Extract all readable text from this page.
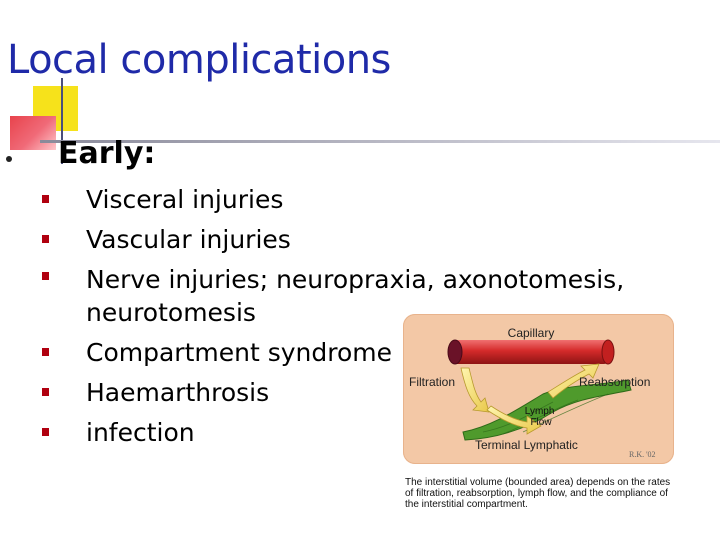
Local complications
Early:
Visceral injuries
Vascular injuries
Nerve injuries; neuropraxia, axonotomesis, neurotomesis
Compartment syndrome
Haemarthrosis
infection
Capillary
Filtration	Reabsorption
Lymph Flow
Terminal Lymphatic
R.K. '02
The interstitial volume (bounded area) depends on the rates of filtration, reabsorption, lymph flow, and the compliance of the interstitial compartment.
